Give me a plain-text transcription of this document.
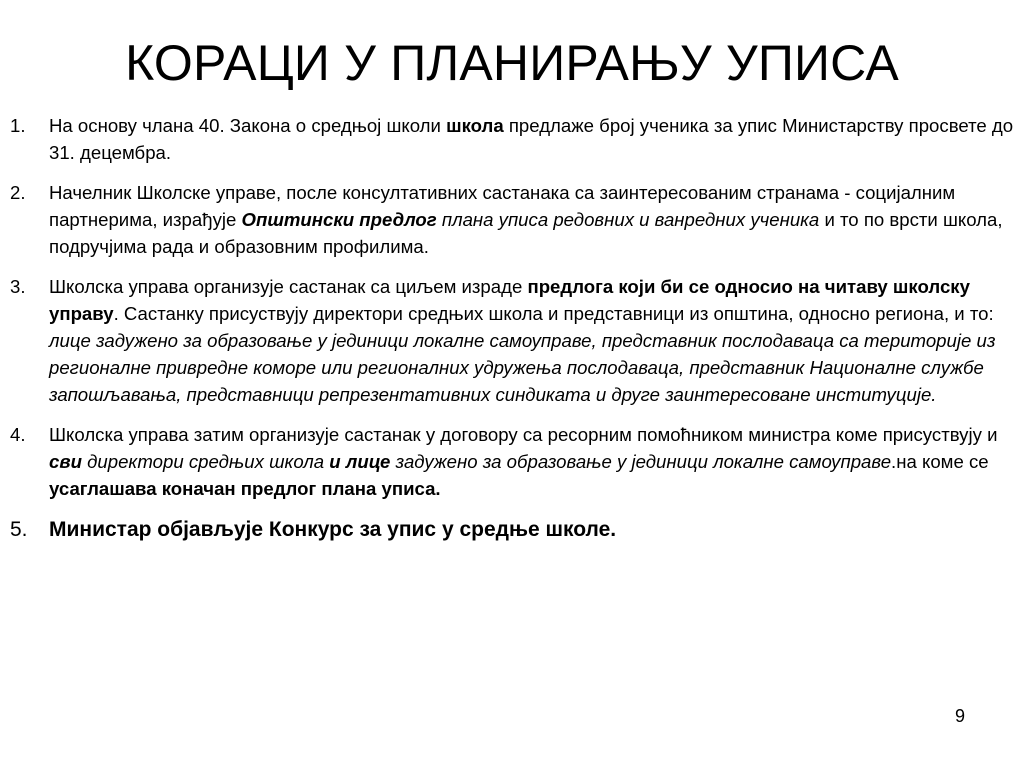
КОРАЦИ У ПЛАНИРАЊУ УПИСА
1. На основу члана 40. Закона о средњој школи школа предлаже број ученика за упис Министарству просвете до 31. децембра.
2. Начелник Школске управе, после консултативних састанака са заинтересованим странама - социјалним партнерима, израђује Општински предлог плана уписа редовних и ванредних ученика и то по врсти школа, подручјима рада и образовним профилима.
3. Школска управа организује састанак са циљем израде предлога који би се односио на читаву школску управу. Састанку присуствују директори средњих школа и представници из општина, односно региона, и то: лице задужено за образовање у јединици локалне самоуправе, представник послодаваца са територије из регионалне привредне коморе или регионалних удружења послодаваца, представник Националне службе запошљавања, представници репрезентативних синдиката и друге заинтересоване институције.
4. Школска управа затим организује састанак у договору са ресорним помоћником министра коме присуствују и сви директори средњих школа и лице задужено за образовање у јединици локалне самоуправе.на коме се усаглашава коначан предлог плана уписа.
5. Министар објављује Конкурс за упис у средње школе.
9
